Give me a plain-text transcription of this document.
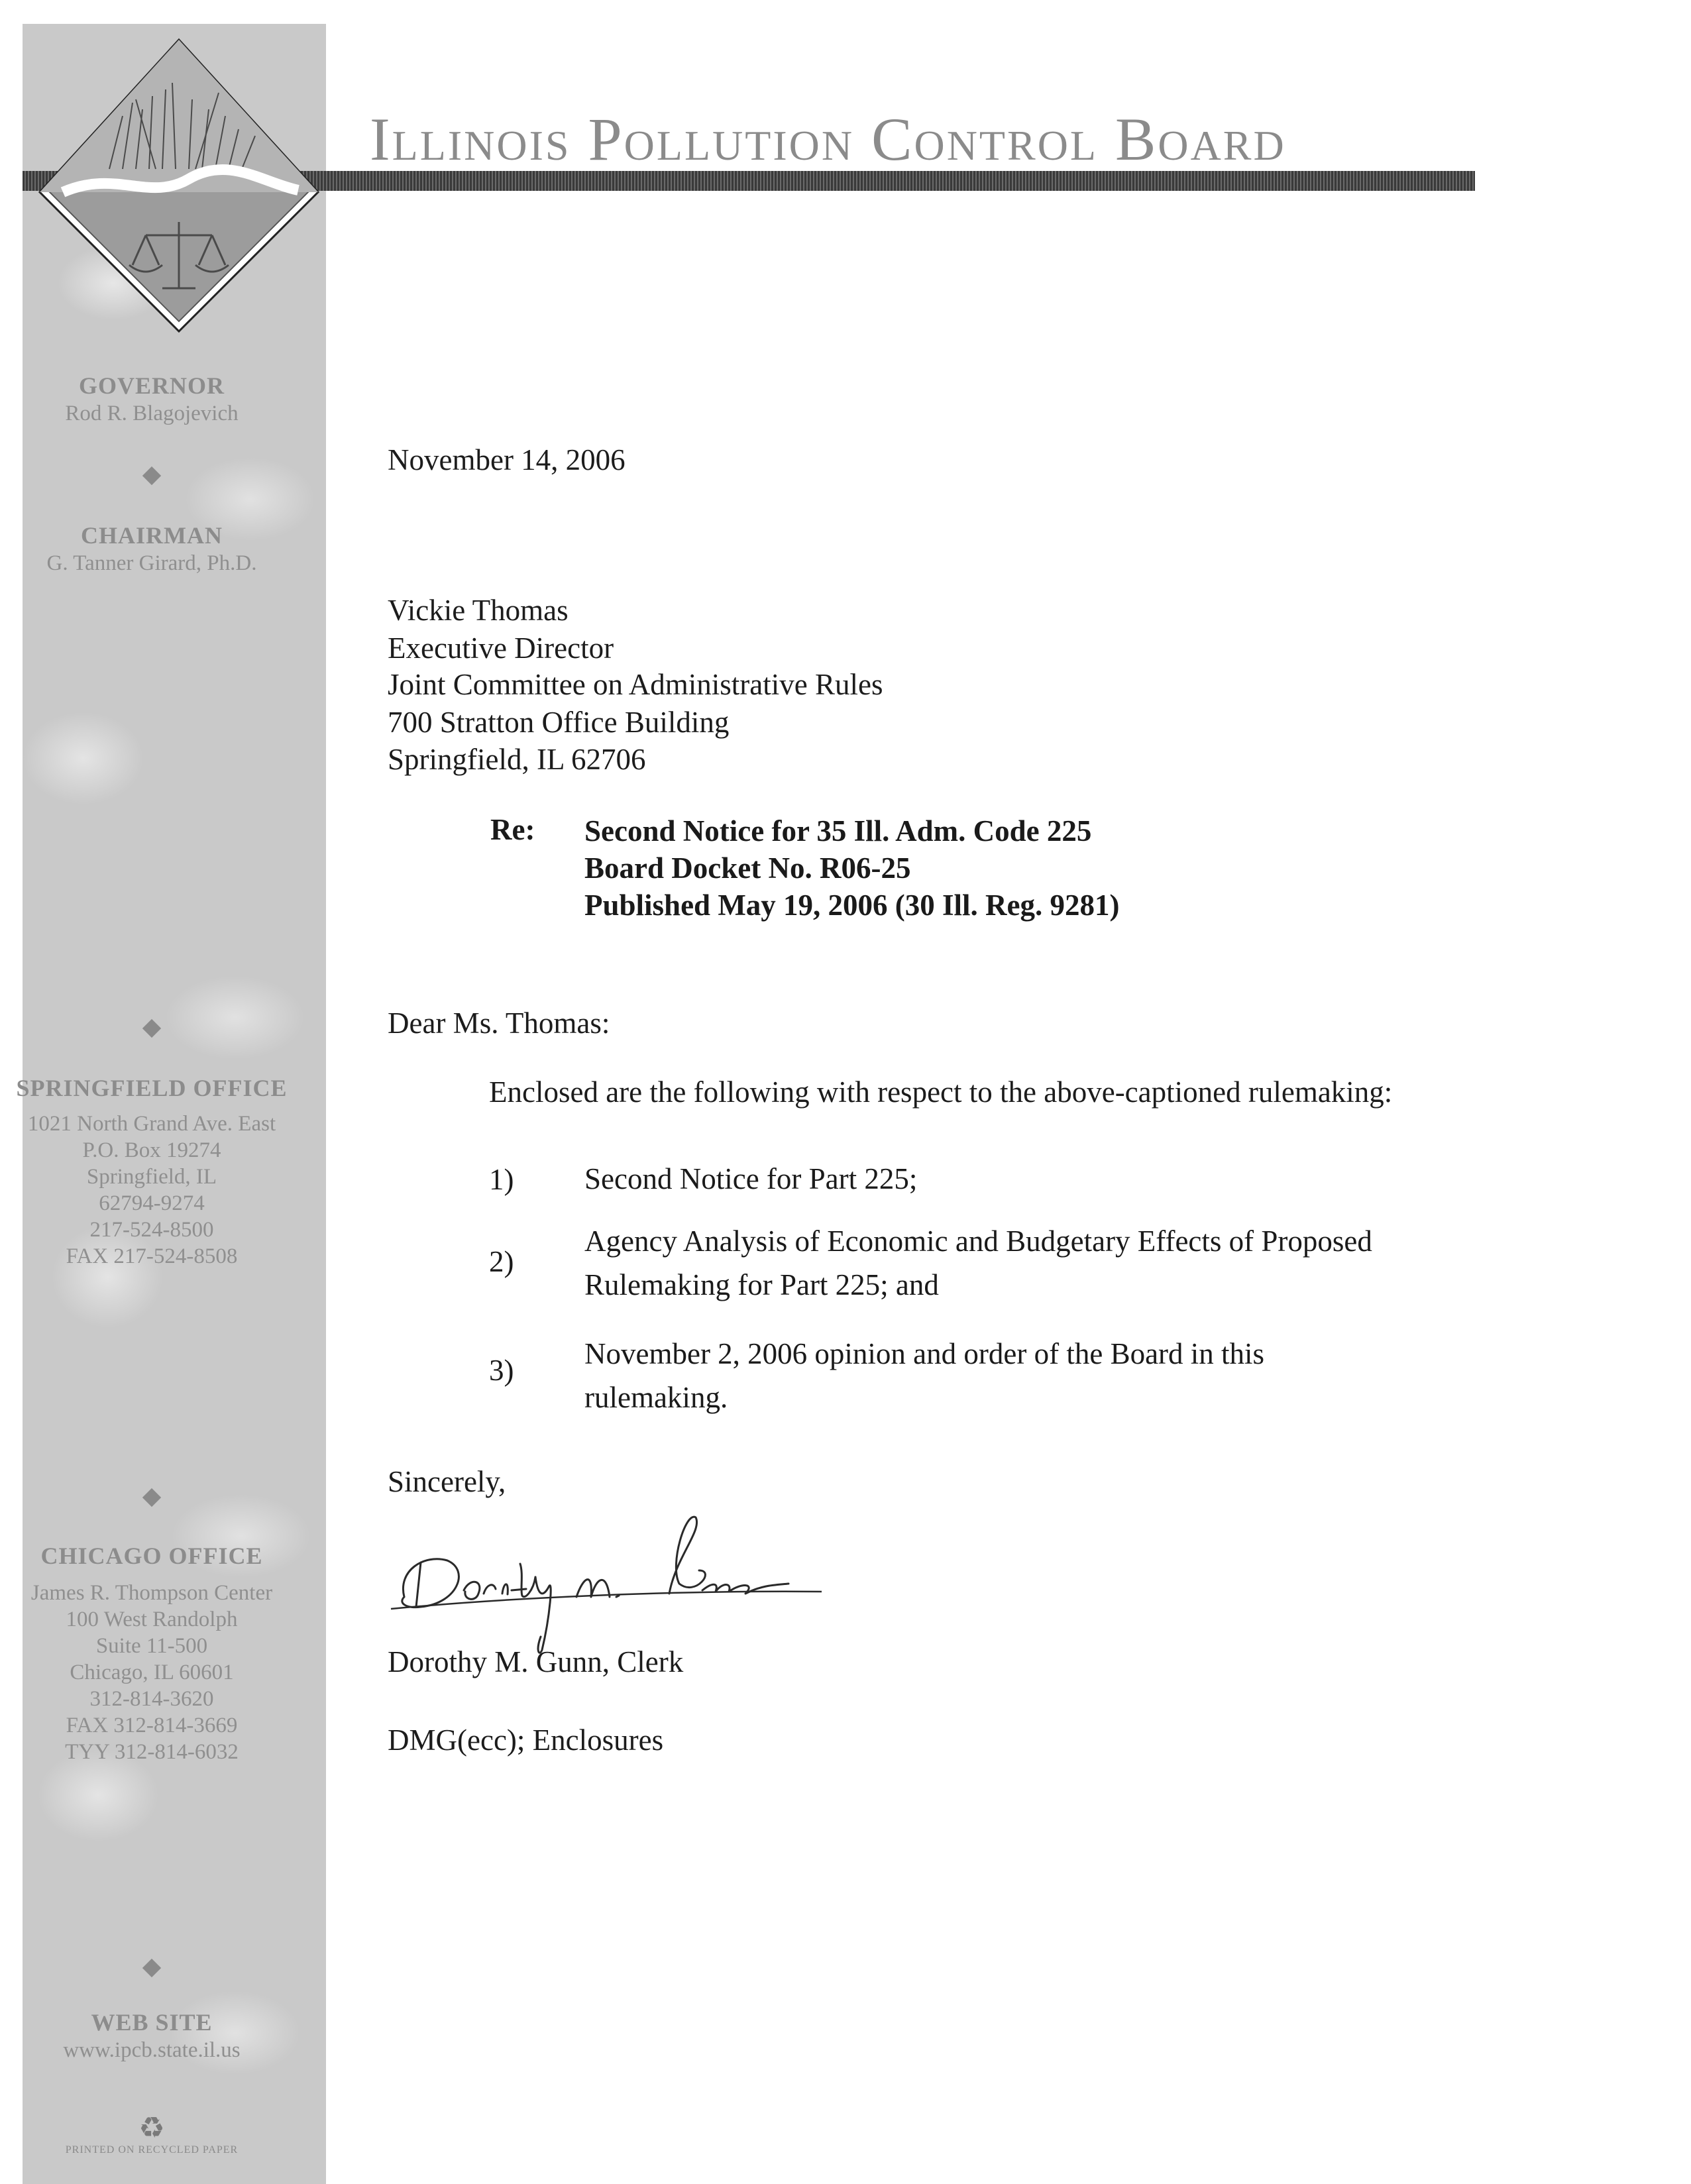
Illinois Pollution Control Board
GOVERNOR
Rod R. Blagojevich
CHAIRMAN
G. Tanner Girard, Ph.D.
SPRINGFIELD OFFICE
1021 North Grand Ave. East
P.O. Box 19274
Springfield, IL
62794-9274
217-524-8500
FAX 217-524-8508
CHICAGO OFFICE
James R. Thompson Center
100 West Randolph
Suite 11-500
Chicago, IL 60601
312-814-3620
FAX 312-814-3669
TYY 312-814-6032
WEB SITE
www.ipcb.state.il.us
♻
PRINTED ON RECYCLED PAPER
November 14, 2006
Vickie Thomas
Executive Director
Joint Committee on Administrative Rules
700 Stratton Office Building
Springfield, IL 62706
Re: Second Notice for 35 Ill. Adm. Code 225
Board Docket No. R06-25
Published May 19, 2006 (30 Ill. Reg. 9281)
Dear Ms. Thomas:
Enclosed are the following with respect to the above-captioned rulemaking:
1) Second Notice for Part 225;
2)
Agency Analysis of Economic and Budgetary Effects of Proposed
Rulemaking for Part 225; and
3) November 2, 2006 opinion and order of the Board in this
rulemaking.
Sincerely,
Dorothy M. Gunn, Clerk
DMG(ecc); Enclosures
